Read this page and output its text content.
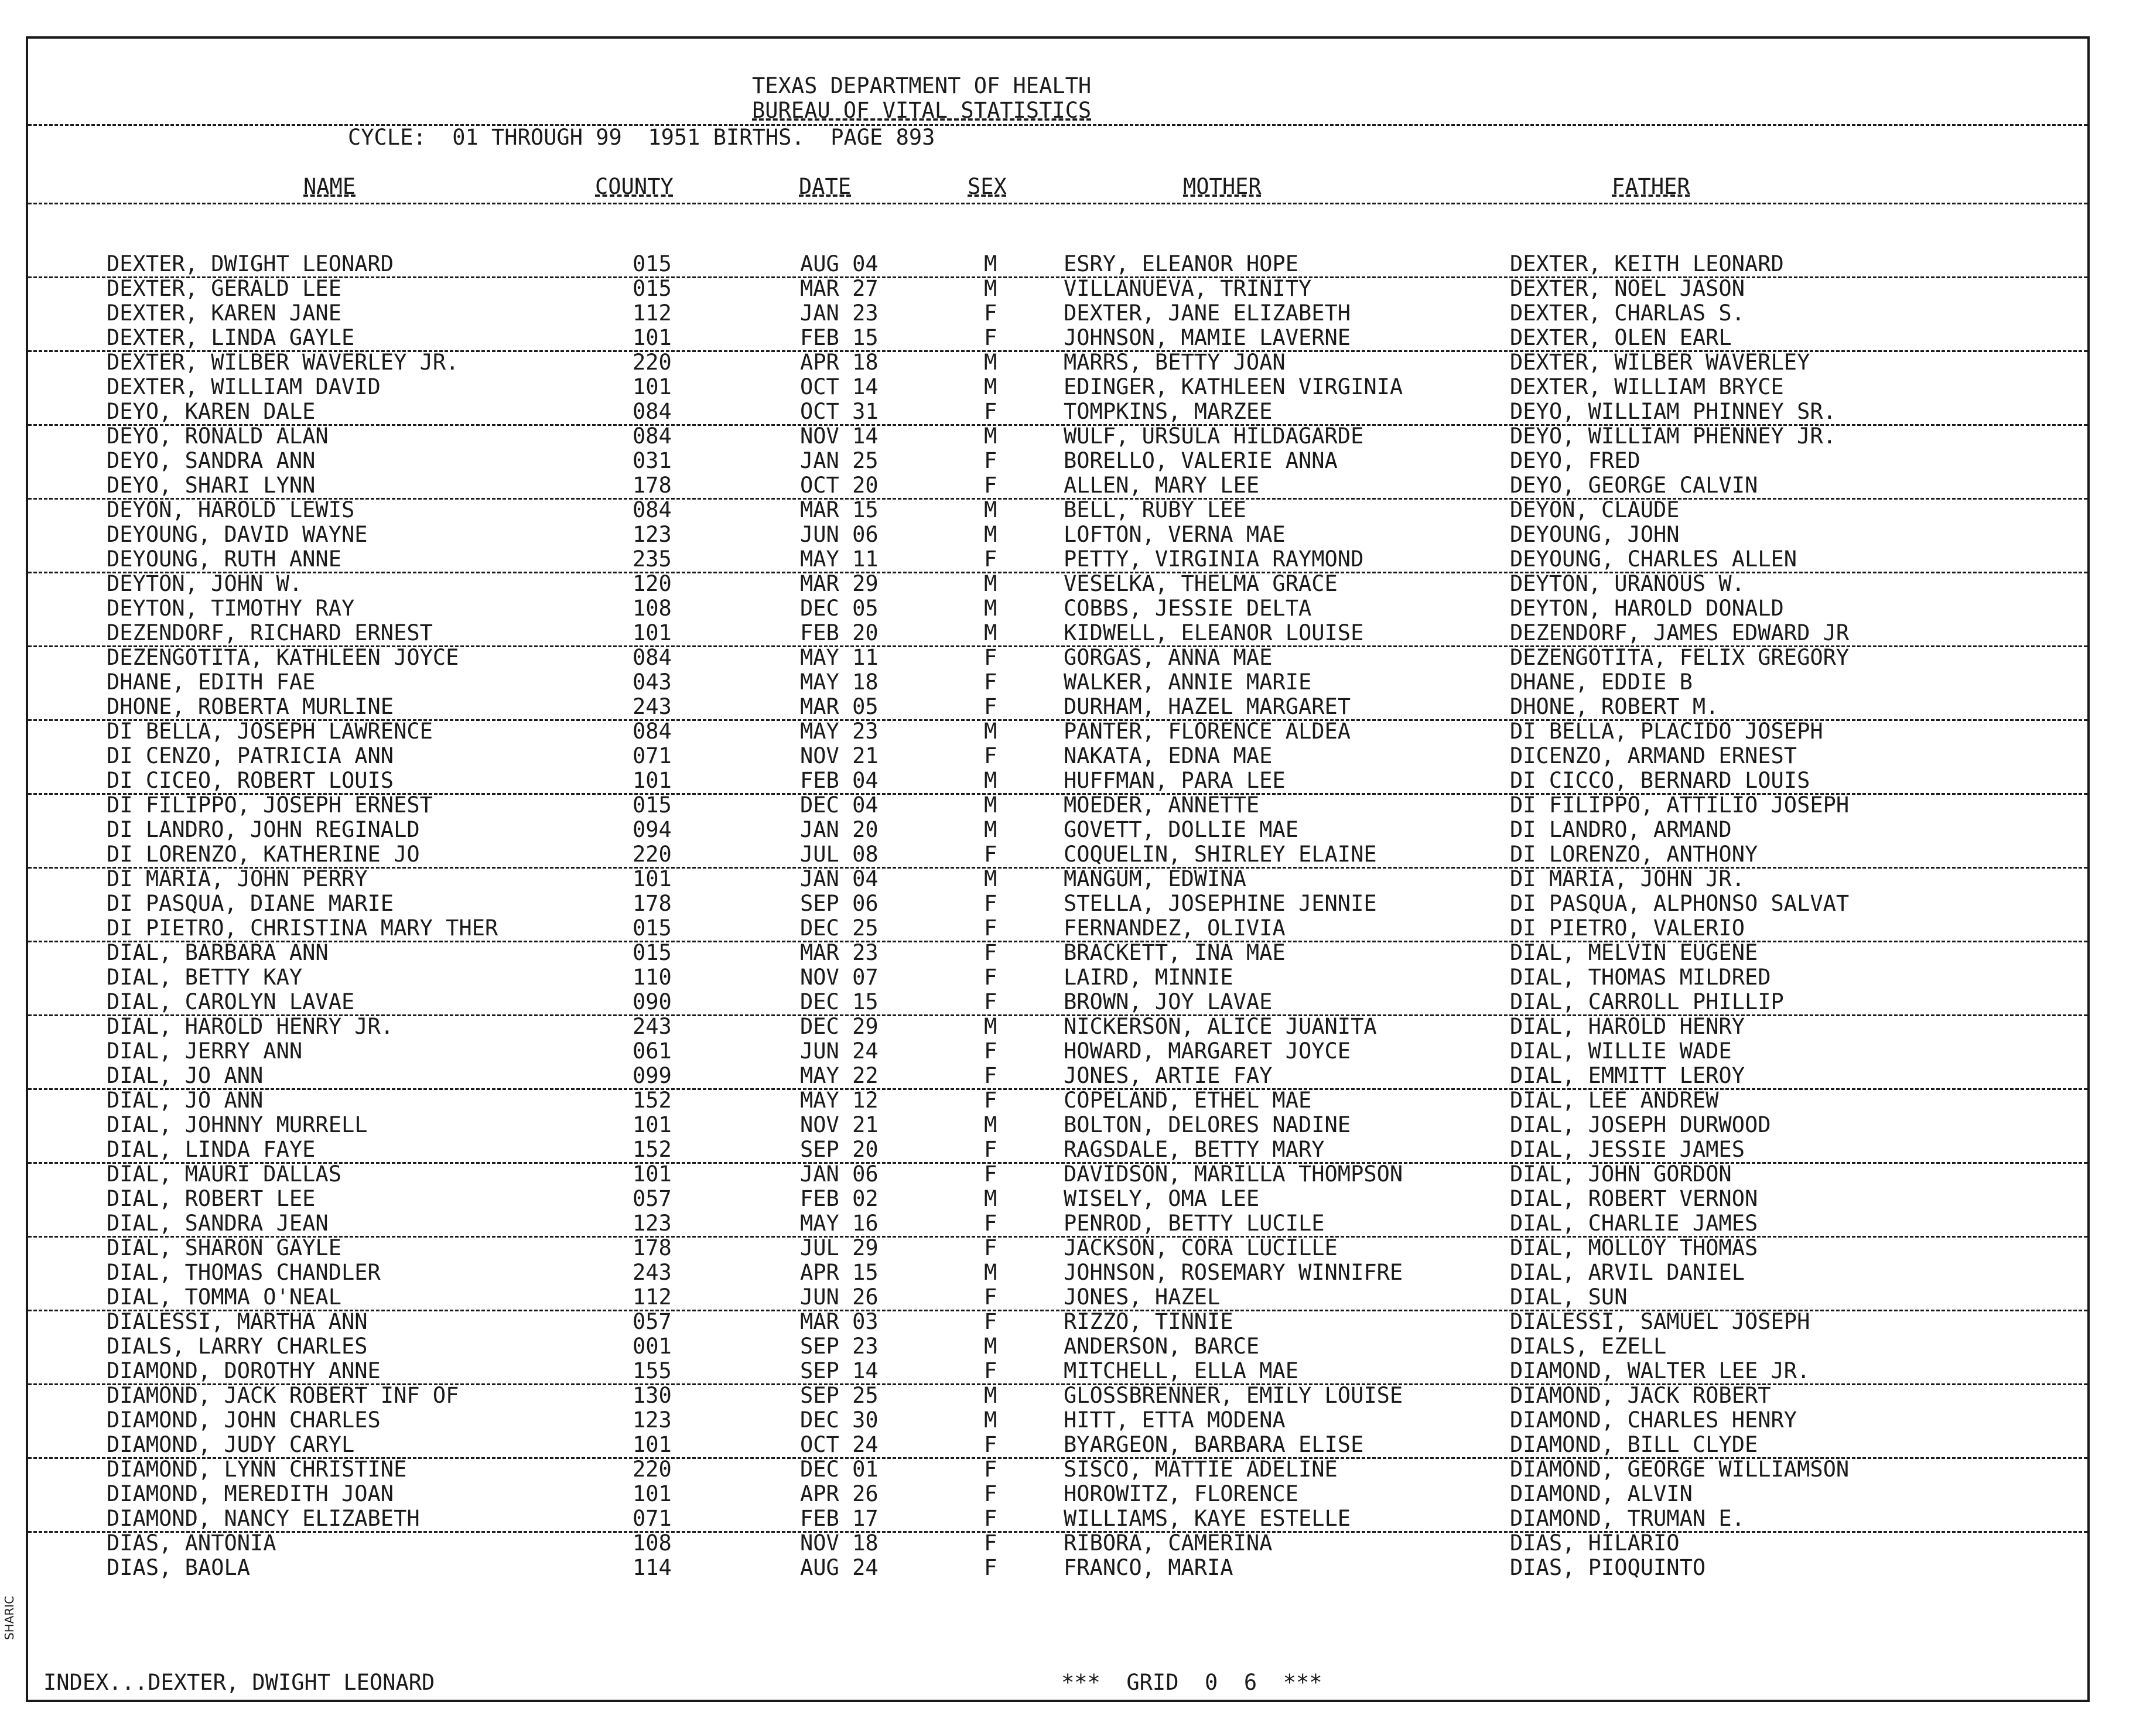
SHARIC
TEXAS DEPARTMENT OF HEALTH
BUREAU OF VITAL STATISTICS
CYCLE:  01 THROUGH 99  1951 BIRTHS.  PAGE 893
NAME	COUNTY	DATE	SEX	MOTHER	FATHER
DEXTER, DWIGHT LEONARD	015	AUG 04	M	ESRY, ELEANOR HOPE	DEXTER, KEITH LEONARD
DEXTER, GERALD LEE	015	MAR 27	M	VILLANUEVA, TRINITY	DEXTER, NOEL JASON
DEXTER, KAREN JANE	112	JAN 23	F	DEXTER, JANE ELIZABETH	DEXTER, CHARLAS S.
DEXTER, LINDA GAYLE	101	FEB 15	F	JOHNSON, MAMIE LAVERNE	DEXTER, OLEN EARL
DEXTER, WILBER WAVERLEY JR.	220	APR 18	M	MARRS, BETTY JOAN	DEXTER, WILBER WAVERLEY
DEXTER, WILLIAM DAVID	101	OCT 14	M	EDINGER, KATHLEEN VIRGINIA	DEXTER, WILLIAM BRYCE
DEYO, KAREN DALE	084	OCT 31	F	TOMPKINS, MARZEE	DEYO, WILLIAM PHINNEY SR.
DEYO, RONALD ALAN	084	NOV 14	M	WULF, URSULA HILDAGARDE	DEYO, WILLIAM PHENNEY JR.
DEYO, SANDRA ANN	031	JAN 25	F	BORELLO, VALERIE ANNA	DEYO, FRED
DEYO, SHARI LYNN	178	OCT 20	F	ALLEN, MARY LEE	DEYO, GEORGE CALVIN
DEYON, HAROLD LEWIS	084	MAR 15	M	BELL, RUBY LEE	DEYON, CLAUDE
DEYOUNG, DAVID WAYNE	123	JUN 06	M	LOFTON, VERNA MAE	DEYOUNG, JOHN
DEYOUNG, RUTH ANNE	235	MAY 11	F	PETTY, VIRGINIA RAYMOND	DEYOUNG, CHARLES ALLEN
DEYTON, JOHN W.	120	MAR 29	M	VESELKA, THELMA GRACE	DEYTON, URANOUS W.
DEYTON, TIMOTHY RAY	108	DEC 05	M	COBBS, JESSIE DELTA	DEYTON, HAROLD DONALD
DEZENDORF, RICHARD ERNEST	101	FEB 20	M	KIDWELL, ELEANOR LOUISE	DEZENDORF, JAMES EDWARD JR
DEZENGOTITA, KATHLEEN JOYCE	084	MAY 11	F	GORGAS, ANNA MAE	DEZENGOTITA, FELIX GREGORY
DHANE, EDITH FAE	043	MAY 18	F	WALKER, ANNIE MARIE	DHANE, EDDIE B
DHONE, ROBERTA MURLINE	243	MAR 05	F	DURHAM, HAZEL MARGARET	DHONE, ROBERT M.
DI BELLA, JOSEPH LAWRENCE	084	MAY 23	M	PANTER, FLORENCE ALDEA	DI BELLA, PLACIDO JOSEPH
DI CENZO, PATRICIA ANN	071	NOV 21	F	NAKATA, EDNA MAE	DICENZO, ARMAND ERNEST
DI CICEO, ROBERT LOUIS	101	FEB 04	M	HUFFMAN, PARA LEE	DI CICCO, BERNARD LOUIS
DI FILIPPO, JOSEPH ERNEST	015	DEC 04	M	MOEDER, ANNETTE	DI FILIPPO, ATTILIO JOSEPH
DI LANDRO, JOHN REGINALD	094	JAN 20	M	GOVETT, DOLLIE MAE	DI LANDRO, ARMAND
DI LORENZO, KATHERINE JO	220	JUL 08	F	COQUELIN, SHIRLEY ELAINE	DI LORENZO, ANTHONY
DI MARIA, JOHN PERRY	101	JAN 04	M	MANGUM, EDWINA	DI MARIA, JOHN JR.
DI PASQUA, DIANE MARIE	178	SEP 06	F	STELLA, JOSEPHINE JENNIE	DI PASQUA, ALPHONSO SALVAT
DI PIETRO, CHRISTINA MARY THER	015	DEC 25	F	FERNANDEZ, OLIVIA	DI PIETRO, VALERIO
DIAL, BARBARA ANN	015	MAR 23	F	BRACKETT, INA MAE	DIAL, MELVIN EUGENE
DIAL, BETTY KAY	110	NOV 07	F	LAIRD, MINNIE	DIAL, THOMAS MILDRED
DIAL, CAROLYN LAVAE	090	DEC 15	F	BROWN, JOY LAVAE	DIAL, CARROLL PHILLIP
DIAL, HAROLD HENRY JR.	243	DEC 29	M	NICKERSON, ALICE JUANITA	DIAL, HAROLD HENRY
DIAL, JERRY ANN	061	JUN 24	F	HOWARD, MARGARET JOYCE	DIAL, WILLIE WADE
DIAL, JO ANN	099	MAY 22	F	JONES, ARTIE FAY	DIAL, EMMITT LEROY
DIAL, JO ANN	152	MAY 12	F	COPELAND, ETHEL MAE	DIAL, LEE ANDREW
DIAL, JOHNNY MURRELL	101	NOV 21	M	BOLTON, DELORES NADINE	DIAL, JOSEPH DURWOOD
DIAL, LINDA FAYE	152	SEP 20	F	RAGSDALE, BETTY MARY	DIAL, JESSIE JAMES
DIAL, MAURI DALLAS	101	JAN 06	F	DAVIDSON, MARILLA THOMPSON	DIAL, JOHN GORDON
DIAL, ROBERT LEE	057	FEB 02	M	WISELY, OMA LEE	DIAL, ROBERT VERNON
DIAL, SANDRA JEAN	123	MAY 16	F	PENROD, BETTY LUCILE	DIAL, CHARLIE JAMES
DIAL, SHARON GAYLE	178	JUL 29	F	JACKSON, CORA LUCILLE	DIAL, MOLLOY THOMAS
DIAL, THOMAS CHANDLER	243	APR 15	M	JOHNSON, ROSEMARY WINNIFRE	DIAL, ARVIL DANIEL
DIAL, TOMMA O'NEAL	112	JUN 26	F	JONES, HAZEL	DIAL, SUN
DIALESSI, MARTHA ANN	057	MAR 03	F	RIZZO, TINNIE	DIALESSI, SAMUEL JOSEPH
DIALS, LARRY CHARLES	001	SEP 23	M	ANDERSON, BARCE	DIALS, EZELL
DIAMOND, DOROTHY ANNE	155	SEP 14	F	MITCHELL, ELLA MAE	DIAMOND, WALTER LEE JR.
DIAMOND, JACK ROBERT INF OF	130	SEP 25	M	GLOSSBRENNER, EMILY LOUISE	DIAMOND, JACK ROBERT
DIAMOND, JOHN CHARLES	123	DEC 30	M	HITT, ETTA MODENA	DIAMOND, CHARLES HENRY
DIAMOND, JUDY CARYL	101	OCT 24	F	BYARGEON, BARBARA ELISE	DIAMOND, BILL CLYDE
DIAMOND, LYNN CHRISTINE	220	DEC 01	F	SISCO, MATTIE ADELINE	DIAMOND, GEORGE WILLIAMSON
DIAMOND, MEREDITH JOAN	101	APR 26	F	HOROWITZ, FLORENCE	DIAMOND, ALVIN
DIAMOND, NANCY ELIZABETH	071	FEB 17	F	WILLIAMS, KAYE ESTELLE	DIAMOND, TRUMAN E.
DIAS, ANTONIA	108	NOV 18	F	RIBORA, CAMERINA	DIAS, HILARIO
DIAS, BAOLA	114	AUG 24	F	FRANCO, MARIA	DIAS, PIOQUINTO
INDEX...DEXTER, DWIGHT LEONARD	***  GRID  0  6  ***
